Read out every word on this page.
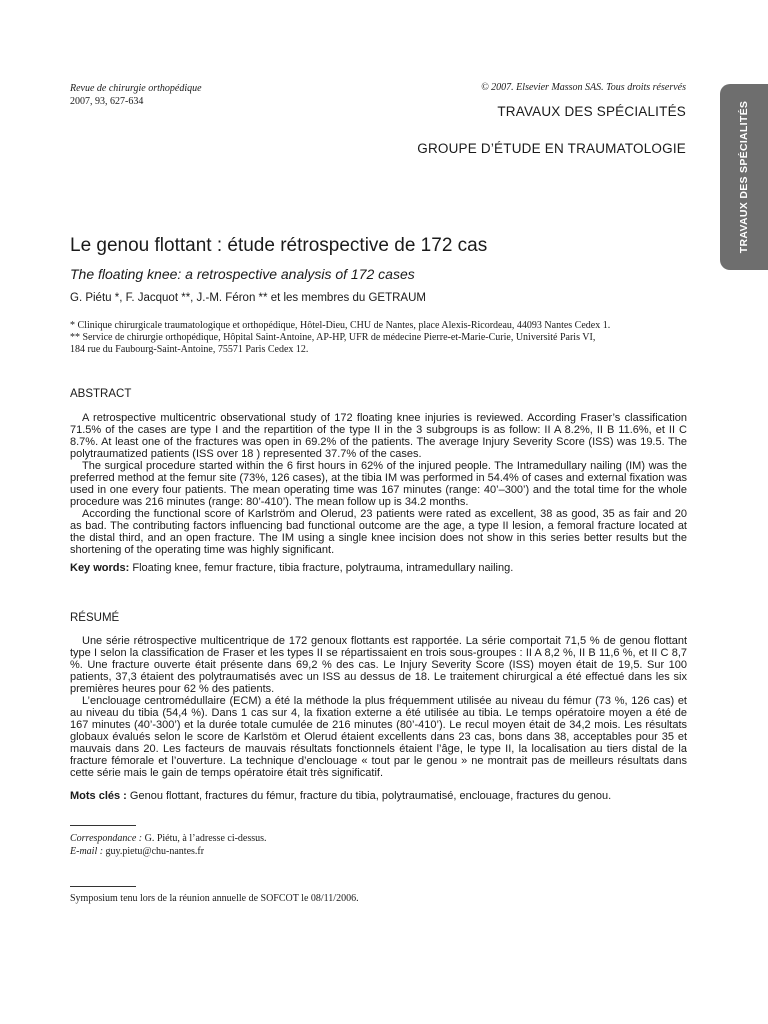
Revue de chirurgie orthopédique
2007, 93, 627-634
© 2007. Elsevier Masson SAS. Tous droits réservés
TRAVAUX DES SPÉCIALITÉS
GROUPE D’ÉTUDE EN TRAUMATOLOGIE	TRAVAUX DES SPÉCIALITÉS
Le genou flottant : étude rétrospective de 172 cas
The floating knee: a retrospective analysis of 172 cases
G. Piétu *, F. Jacquot **, J.-M. Féron ** et les membres du GETRAUM
* Clinique chirurgicale traumatologique et orthopédique, Hôtel-Dieu, CHU de Nantes, place Alexis-Ricordeau, 44093 Nantes Cedex 1.
** Service de chirurgie orthopédique, Hôpital Saint-Antoine, AP-HP, UFR de médecine Pierre-et-Marie-Curie, Université Paris VI,
184 rue du Faubourg-Saint-Antoine, 75571 Paris Cedex 12.
ABSTRACT

A retrospective multicentric observational study of 172 floating knee injuries is reviewed. According Fraser’s classification 71.5% of the cases are type I and the repartition of the type II in the 3 subgroups is as follow: II A 8.2%, II B 11.6%, et II C 8.7%. At least one of the fractures was open in 69.2% of the patients. The average Injury Severity Score (ISS) was 19.5. The polytraumatized patients (ISS over 18 ) represented 37.7% of the cases.

The surgical procedure started within the 6 first hours in 62% of the injured people. The Intramedullary nailing (IM) was the preferred method at the femur site (73%, 126 cases), at the tibia IM was performed in 54.4% of cases and external fixation was used in one every four patients. The mean operating time was 167 minutes (range: 40’–300’) and the total time for the whole procedure was 216 minutes (range: 80’-410’). The mean follow up is 34.2 months.

According the functional score of Karlström and Olerud, 23 patients were rated as excellent, 38 as good, 35 as fair and 20 as bad. The contributing factors influencing bad functional outcome are the age, a type II lesion, a femoral fracture located at the distal third, and an open fracture. The IM using a single knee incision does not show in this series better results but the shortening of the operating time was highly significant.

Key words: Floating knee, femur fracture, tibia fracture, polytrauma, intramedullary nailing.
RÉSUMÉ

Une série rétrospective multicentrique de 172 genoux flottants est rapportée. La série comportait 71,5 % de genou flottant type I selon la classification de Fraser et les types II se répartissaient en trois sous-groupes : II A 8,2 %, II B 11,6 %, et II C 8,7 %. Une fracture ouverte était présente dans 69,2 % des cas. Le Injury Severity Score (ISS) moyen était de 19,5. Sur 100 patients, 37,3 étaient des polytraumatisés avec un ISS au dessus de 18. Le traitement chirurgical a été effectué dans les six premières heures pour 62 % des patients.

L’enclouage centromédullaire (ECM) a été la méthode la plus fréquemment utilisée au niveau du fémur (73 %, 126 cas) et au niveau du tibia (54,4 %). Dans 1 cas sur 4, la fixation externe a été utilisée au tibia. Le temps opératoire moyen a été de 167 minutes (40’-300’) et la durée totale cumulée de 216 minutes (80’-410’). Le recul moyen était de 34,2 mois. Les résultats globaux évalués selon le score de Karlstöm et Olerud étaient excellents dans 23 cas, bons dans 38, acceptables pour 35 et mauvais dans 20. Les facteurs de mauvais résultats fonctionnels étaient l’âge, le type II, la localisation au tiers distal de la fracture fémorale et l’ouverture. La technique d’enclouage « tout par le genou » ne montrait pas de meilleurs résultats dans cette série mais le gain de temps opératoire était très significatif.

Mots clés : Genou flottant, fractures du fémur, fracture du tibia, polytraumatisé, enclouage, fractures du genou.
Correspondance : G. Piétu, à l’adresse ci-dessus.
E-mail : guy.pietu@chu-nantes.fr
Symposium tenu lors de la réunion annuelle de SOFCOT le 08/11/2006.
